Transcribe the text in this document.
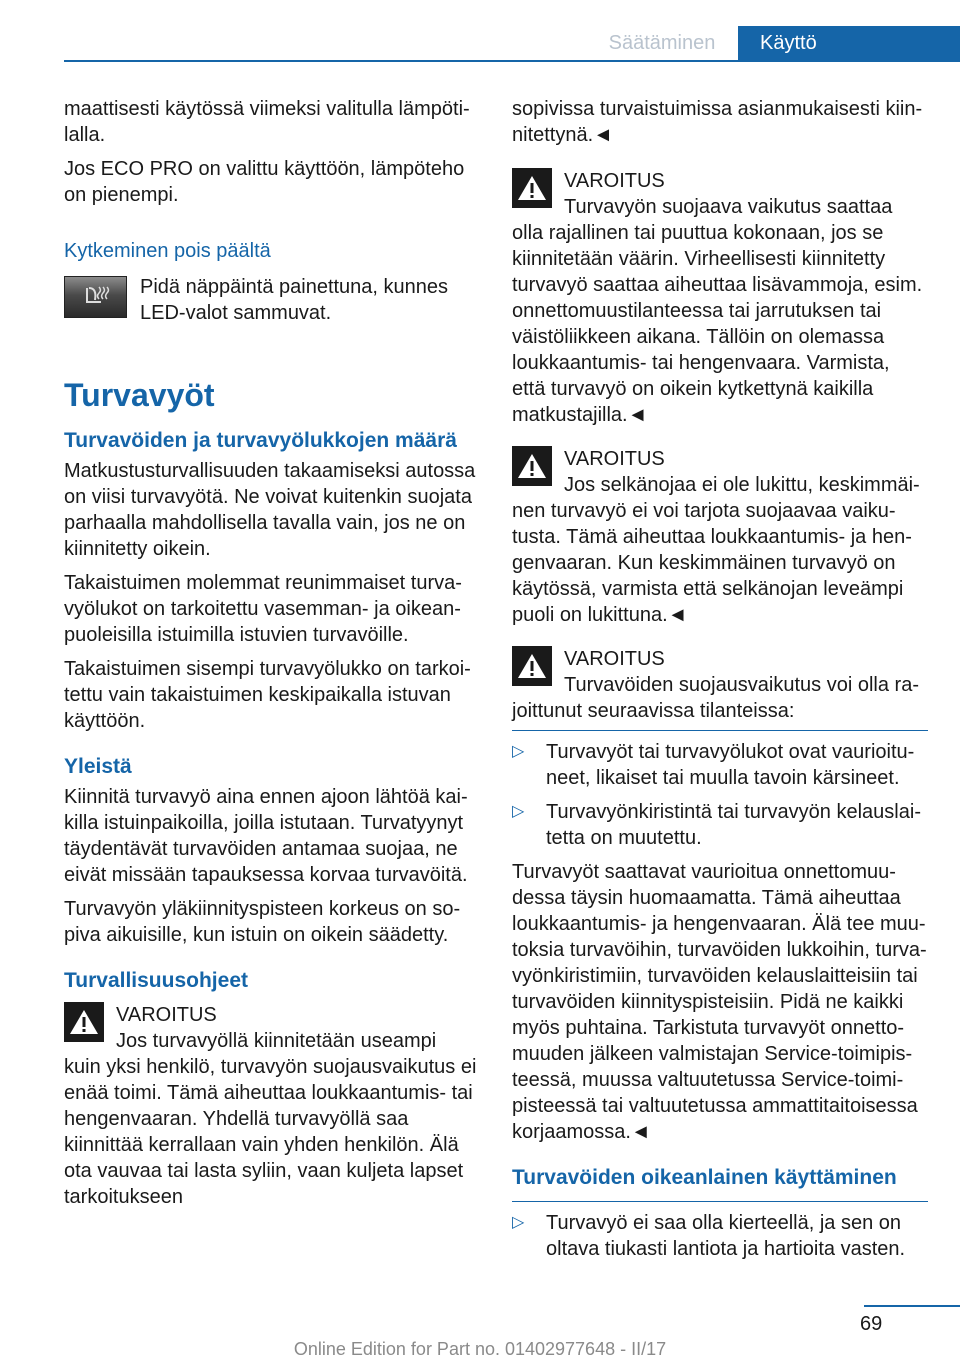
Säätäminen	Käyttö

maattisesti käytössä viimeksi valitulla lämpötilalla.

Jos ECO PRO on valittu käyttöön, lämpöteho on pienempi.

Kytkeminen pois päältä
Pidä näppäintä painettuna, kunnes LED-valot sammuvat.
Turvavyöt
Turvavöiden ja turvavyölukkojen määrä

Matkustusturvallisuuden takaamiseksi autossa on viisi turvavyötä. Ne voivat kuitenkin suojata parhaalla mahdollisella tavalla vain, jos ne on kiinnitetty oikein.

Takaistuimen molemmat reunimmaiset turvavyölukot on tarkoitettu vasemman- ja oikeanpuoleisilla istuimilla istuvien turvavöille.

Takaistuimen sisempi turvavyölukko on tarkoitettu vain takaistuimen keskipaikalla istuvan käyttöön.

Yleistä

Kiinnitä turvavyö aina ennen ajoon lähtöä kaikilla istuinpaikoilla, joilla istutaan. Turvatyynyt täydentävät turvavöiden antamaa suojaa, ne eivät missään tapauksessa korvaa turvavöitä.

Turvavyön yläkiinnityspisteen korkeus on sopiva aikuisille, kun istuin on oikein säädetty.

Turvallisuusohjeet
VAROITUS
Jos turvavyöllä kiinnitetään useampi kuin yksi henkilö, turvavyön suojausvaikutus ei enää toimi. Tämä aiheuttaa loukkaantumis- tai hengenvaaran. Yhdellä turvavyöllä saa kiinnittää kerrallaan vain yhden henkilön. Älä ota vauvaa tai lasta syliin, vaan kuljeta lapset tarkoitukseen

sopivissa turvaistuimissa asianmukaisesti kiinnitettynä.◄

VAROITUS
Turvavyön suojaava vaikutus saattaa olla rajallinen tai puuttua kokonaan, jos se kiinnitetään väärin. Virheellisesti kiinnitetty turvavyö saattaa aiheuttaa lisävammoja, esim. onnettomuustilanteessa tai jarrutuksen tai väistöliikkeen aikana. Tällöin on olemassa loukkaantumis- tai hengenvaara. Varmista, että turvavyö on oikein kytkettynä kaikilla matkustajilla.◄
VAROITUS
Jos selkänojaa ei ole lukittu, keskimmäinen turvavyö ei voi tarjota suojaavaa vaikutusta. Tämä aiheuttaa loukkaantumis- ja hengenvaaran. Kun keskimmäinen turvavyö on käytössä, varmista että selkänojan leveämpi puoli on lukittuna.◄
VAROITUS
Turvavöiden suojausvaikutus voi olla rajoittunut seuraavissa tilanteissa:
▷ Turvavyöt tai turvavyölukot ovat vaurioituneet, likaiset tai muulla tavoin kärsineet.
▷ Turvavyönkiristintä tai turvavyön kelauslaitetta on muutettu.

Turvavyöt saattavat vaurioitua onnettomuudessa täysin huomaamatta. Tämä aiheuttaa loukkaantumis- ja hengenvaaran. Älä tee muutoksia turvavöihin, turvavöiden lukkoihin, turvavyönkiristimiin, turvavöiden kelauslaitteisiin tai turvavöiden kiinnityspisteisiin. Pidä ne kaikki myös puhtaina. Tarkistuta turvavyöt onnettomuuden jälkeen valmistajan Service-toimipisteessä, muussa valtuutetussa Service-toimipisteessä tai valtuutetussa ammattitaitoisessa korjaamossa.◄

Turvavöiden oikeanlainen käyttäminen
▷ Turvavyö ei saa olla kierteellä, ja sen on oltava tiukasti lantiota ja hartioita vasten.
69
Online Edition for Part no. 01402977648 - II/17
